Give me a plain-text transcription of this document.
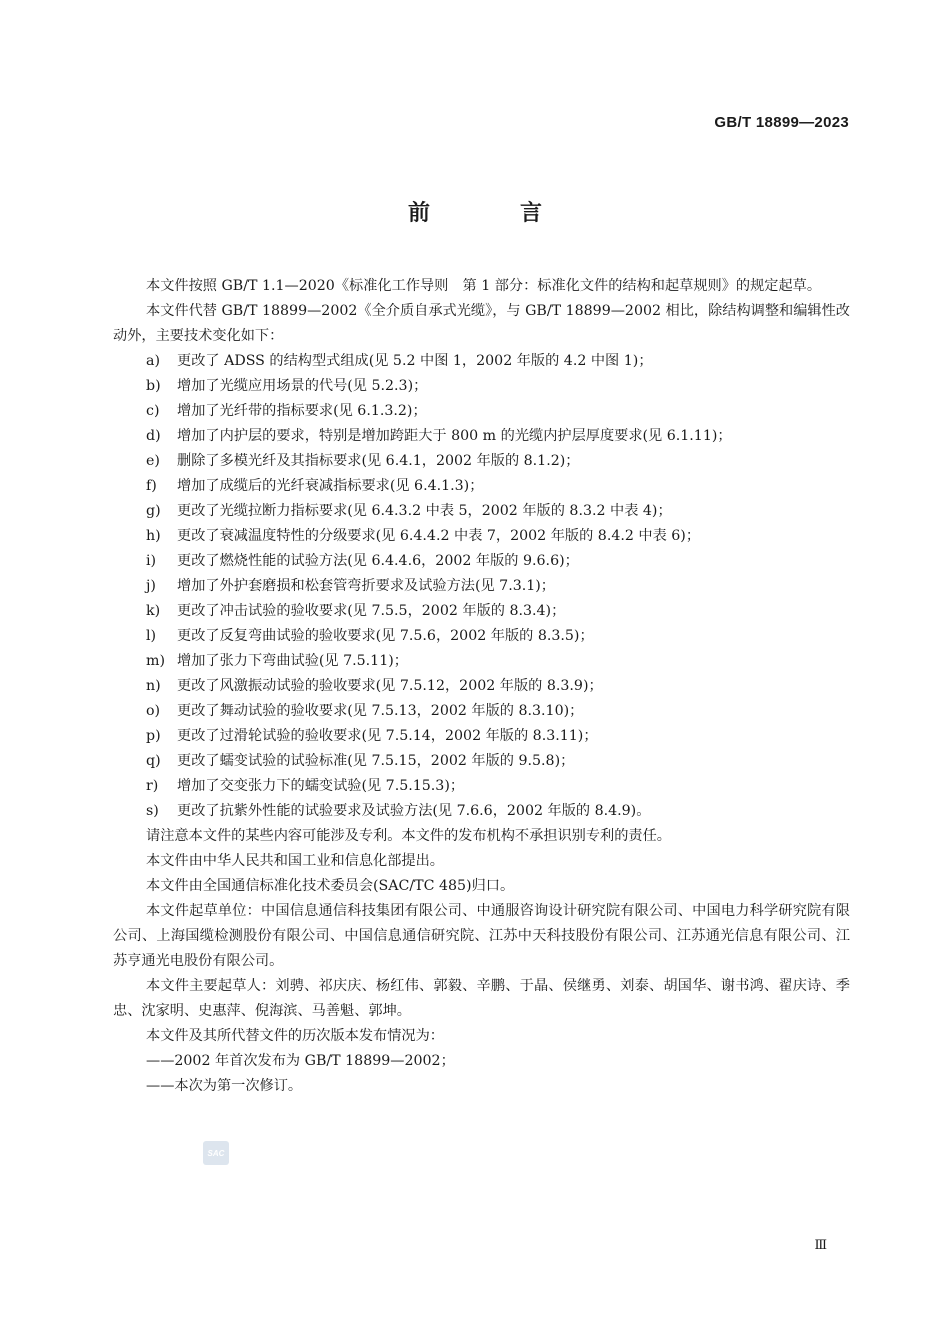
GB/T 18899—2023
前　言

本文件按照 GB/T 1.1—2020《标准化工作导则　第 1 部分：标准化文件的结构和起草规则》的规定起草。

本文件代替 GB/T 18899—2002《全介质自承式光缆》，与 GB/T 18899—2002 相比，除结构调整和编辑性改动外，主要技术变化如下：

a) 更改了 ADSS 的结构型式组成(见 5.2 中图 1，2002 年版的 4.2 中图 1)；

b) 增加了光缆应用场景的代号(见 5.2.3)；

c) 增加了光纤带的指标要求(见 6.1.3.2)；

d) 增加了内护层的要求，特别是增加跨距大于 800 m 的光缆内护层厚度要求(见 6.1.11)；

e) 删除了多模光纤及其指标要求(见 6.4.1，2002 年版的 8.1.2)；

f) 增加了成缆后的光纤衰减指标要求(见 6.4.1.3)；

g) 更改了光缆拉断力指标要求(见 6.4.3.2 中表 5，2002 年版的 8.3.2 中表 4)；

h) 更改了衰减温度特性的分级要求(见 6.4.4.2 中表 7，2002 年版的 8.4.2 中表 6)；

i) 更改了燃烧性能的试验方法(见 6.4.4.6，2002 年版的 9.6.6)；

j) 增加了外护套磨损和松套管弯折要求及试验方法(见 7.3.1)；

k) 更改了冲击试验的验收要求(见 7.5.5，2002 年版的 8.3.4)；

l) 更改了反复弯曲试验的验收要求(见 7.5.6，2002 年版的 8.3.5)；

m) 增加了张力下弯曲试验(见 7.5.11)；

n) 更改了风激振动试验的验收要求(见 7.5.12，2002 年版的 8.3.9)；

o) 更改了舞动试验的验收要求(见 7.5.13，2002 年版的 8.3.10)；

p) 更改了过滑轮试验的验收要求(见 7.5.14，2002 年版的 8.3.11)；

q) 更改了蠕变试验的试验标准(见 7.5.15，2002 年版的 9.5.8)；

r) 增加了交变张力下的蠕变试验(见 7.5.15.3)；

s) 更改了抗紫外性能的试验要求及试验方法(见 7.6.6，2002 年版的 8.4.9)。

请注意本文件的某些内容可能涉及专利。本文件的发布机构不承担识别专利的责任。

本文件由中华人民共和国工业和信息化部提出。

本文件由全国通信标准化技术委员会(SAC/TC 485)归口。

本文件起草单位：中国信息通信科技集团有限公司、中通服咨询设计研究院有限公司、中国电力科学研究院有限公司、上海国缆检测股份有限公司、中国信息通信研究院、江苏中天科技股份有限公司、江苏通光信息有限公司、江苏亨通光电股份有限公司。

本文件主要起草人：刘骋、祁庆庆、杨红伟、郭毅、辛鹏、于晶、侯继勇、刘泰、胡国华、谢书鸿、翟庆诗、季忠、沈家明、史惠萍、倪海滨、马善魁、郭坤。

本文件及其所代替文件的历次版本发布情况为：

——2002 年首次发布为 GB/T 18899—2002；

——本次为第一次修订。

SAC
Ⅲ
